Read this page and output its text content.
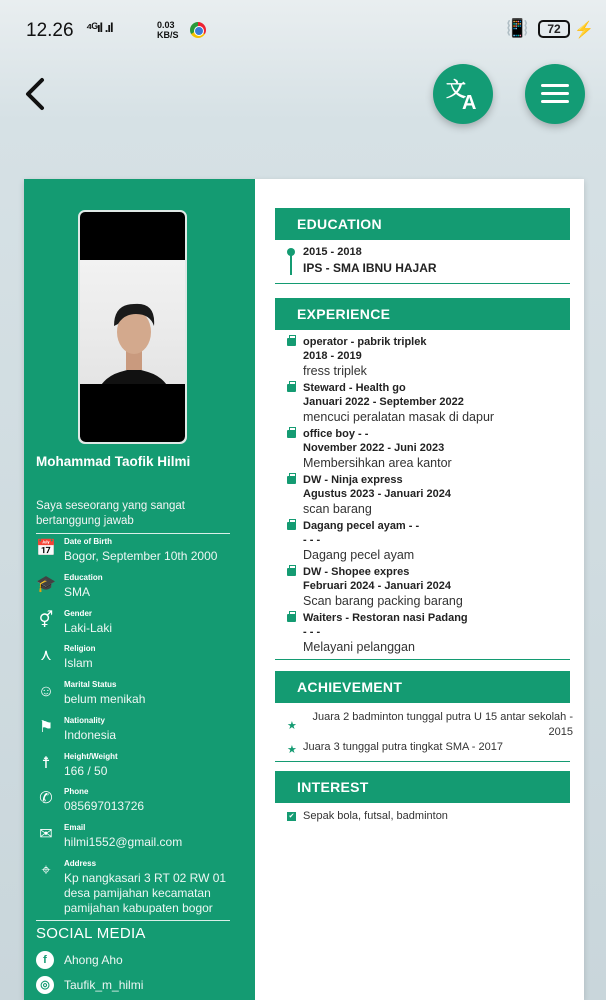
12.26 ⁴ᴳıl .ıl	0.03
KB/S	📳	72 ⚡
文
A
Mohammad Taofik Hilmi
Saya seseorang yang sangat bertanggung jawab
📅 Date of Birth
Bogor, September 10th 2000
🎓 Education
SMA
⚥	Gender
Laki-Laki
⋏	Religion
Islam
☺ Marital Status
belum menikah
⚑	Nationality
Indonesia
☨	Height/Weight
166 / 50
✆	Phone
085697013726
✉	Email
hilmi1552@gmail.com
⌖	Address
Kp nangkasari 3 RT 02 RW 01 desa pamijahan kecamatan pamijahan kabupaten bogor
SOCIAL MEDIA
f	Ahong Aho
◎	Taufik_m_hilmi
EDUCATION
2015 - 2018
IPS - SMA IBNU HAJAR
EXPERIENCE
operator - pabrik triplek
2018 - 2019
fress triplek
Steward - Health go
Januari 2022 - September 2022
mencuci peralatan masak di dapur
office boy - -
November 2022 - Juni 2023
Membersihkan area kantor
DW - Ninja express
Agustus 2023 - Januari 2024
scan barang
Dagang pecel ayam - -
- - -
Dagang pecel ayam
DW - Shopee expres
Februari 2024 - Januari 2024
Scan barang packing barang
Waiters - Restoran nasi Padang
- - -
Melayani pelanggan
ACHIEVEMENT
★
Juara 2 badminton tunggal putra U 15 antar sekolah - 2015
★ Juara 3 tunggal putra tingkat SMA - 2017
INTEREST
✔ Sepak bola, futsal, badminton
